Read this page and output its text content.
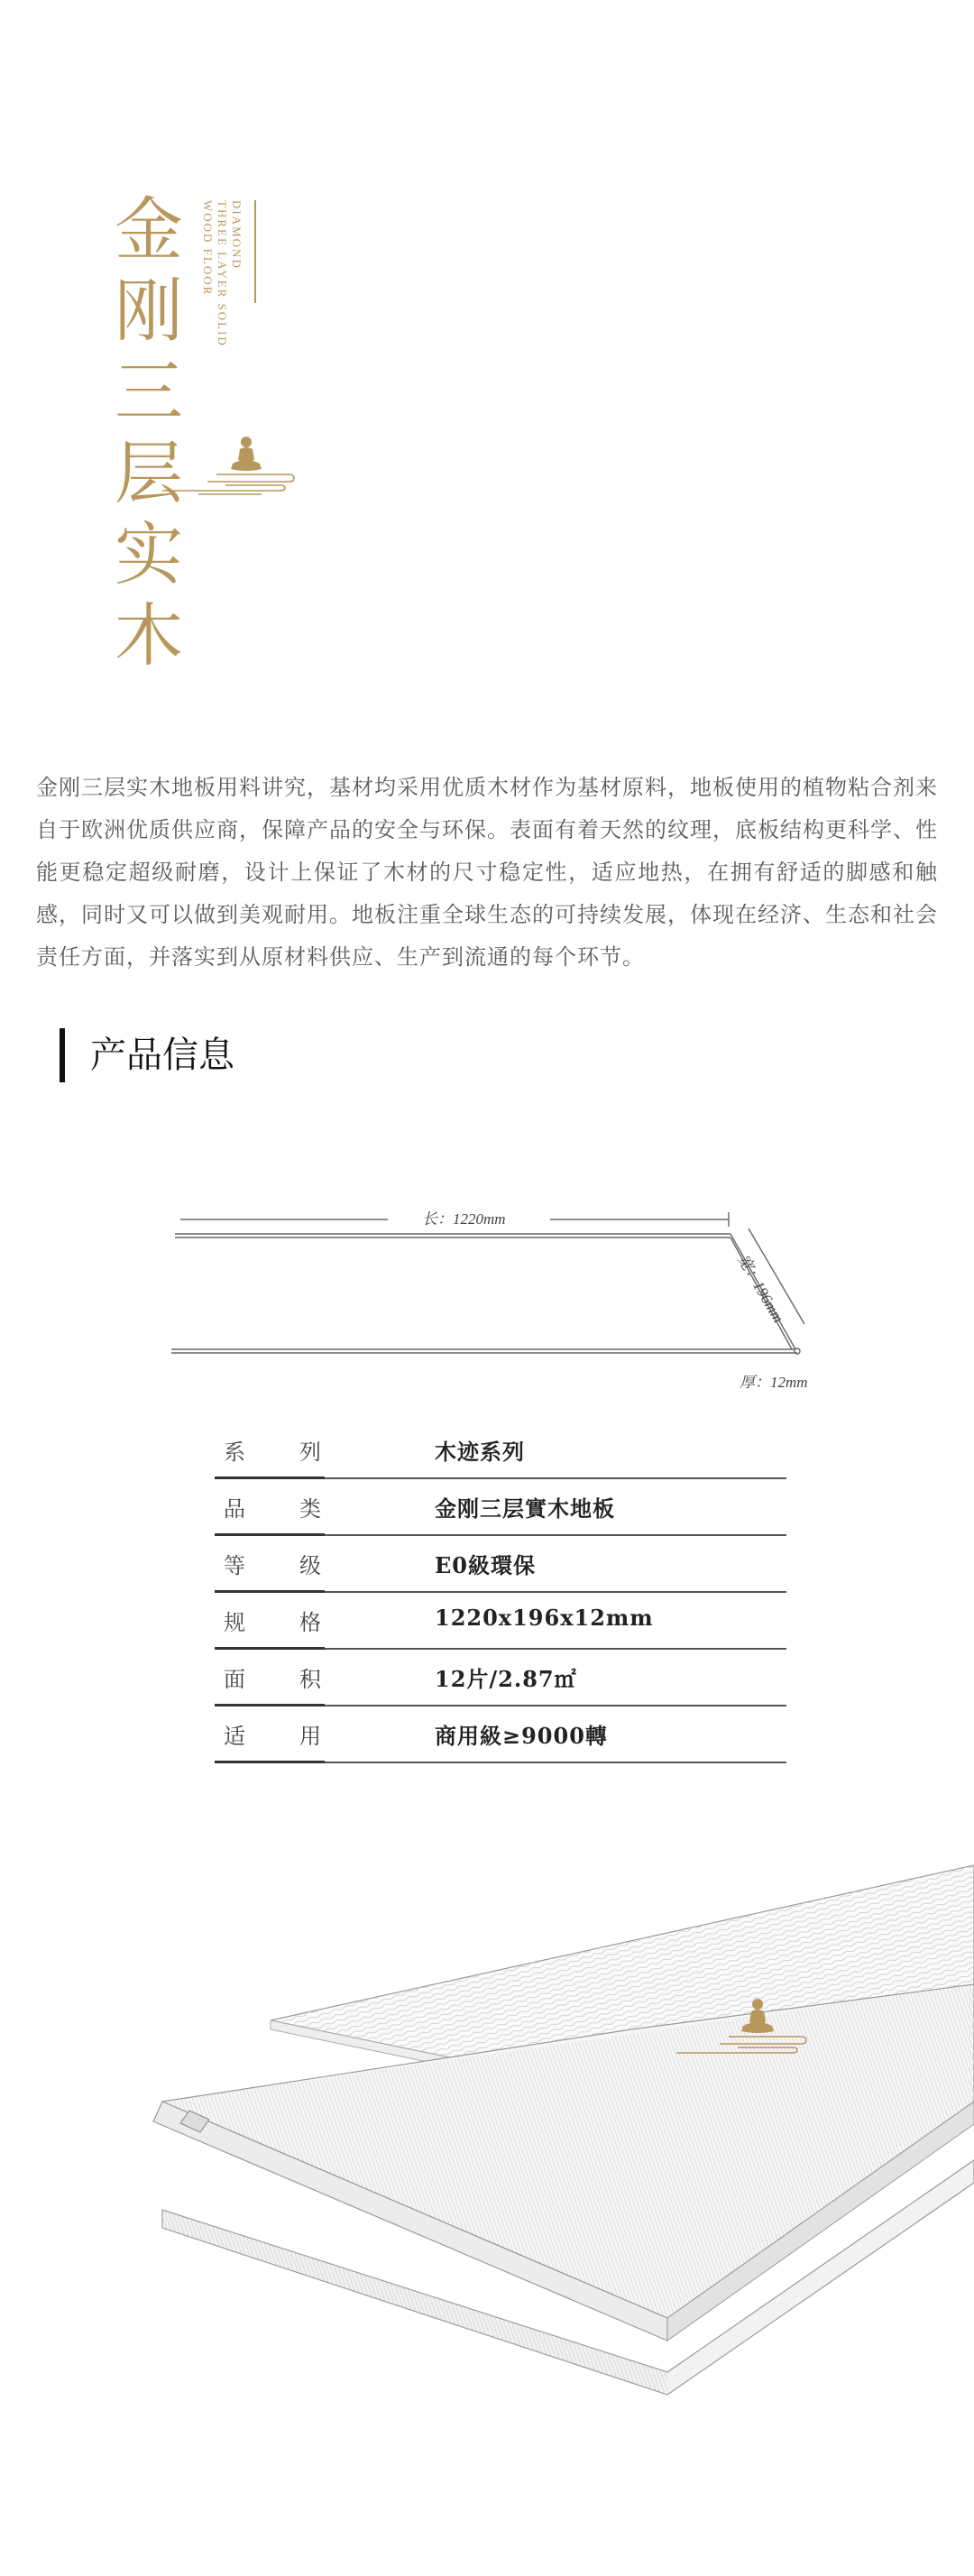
金
刚
三
层
实
木
DIAMOND
THREE LAYER SOLID
WOOD FLOOR

金刚三层实木地板用料讲究，基材均采用优质木材作为基材原料，地板使用的植物粘合剂来自于欧洲优质供应商，保障产品的安全与环保。表面有着天然的纹理，底板结构更科学、性能更稳定超级耐磨，设计上保证了木材的尺寸稳定性，适应地热，在拥有舒适的脚感和触感，同时又可以做到美观耐用。地板注重全球生态的可持续发展，体现在经济、生态和社会责任方面，并落实到从原材料供应、生产到流通的每个环节。

产品信息
长：1220mm
宽：196mm
厚：12mm
系 列	木迹系列
品 类	金刚三层實木地板
等 级	E0級環保
规 格	1220x196x12mm
面 积	12片/2.87㎡
适 用	商用級≥9000轉
